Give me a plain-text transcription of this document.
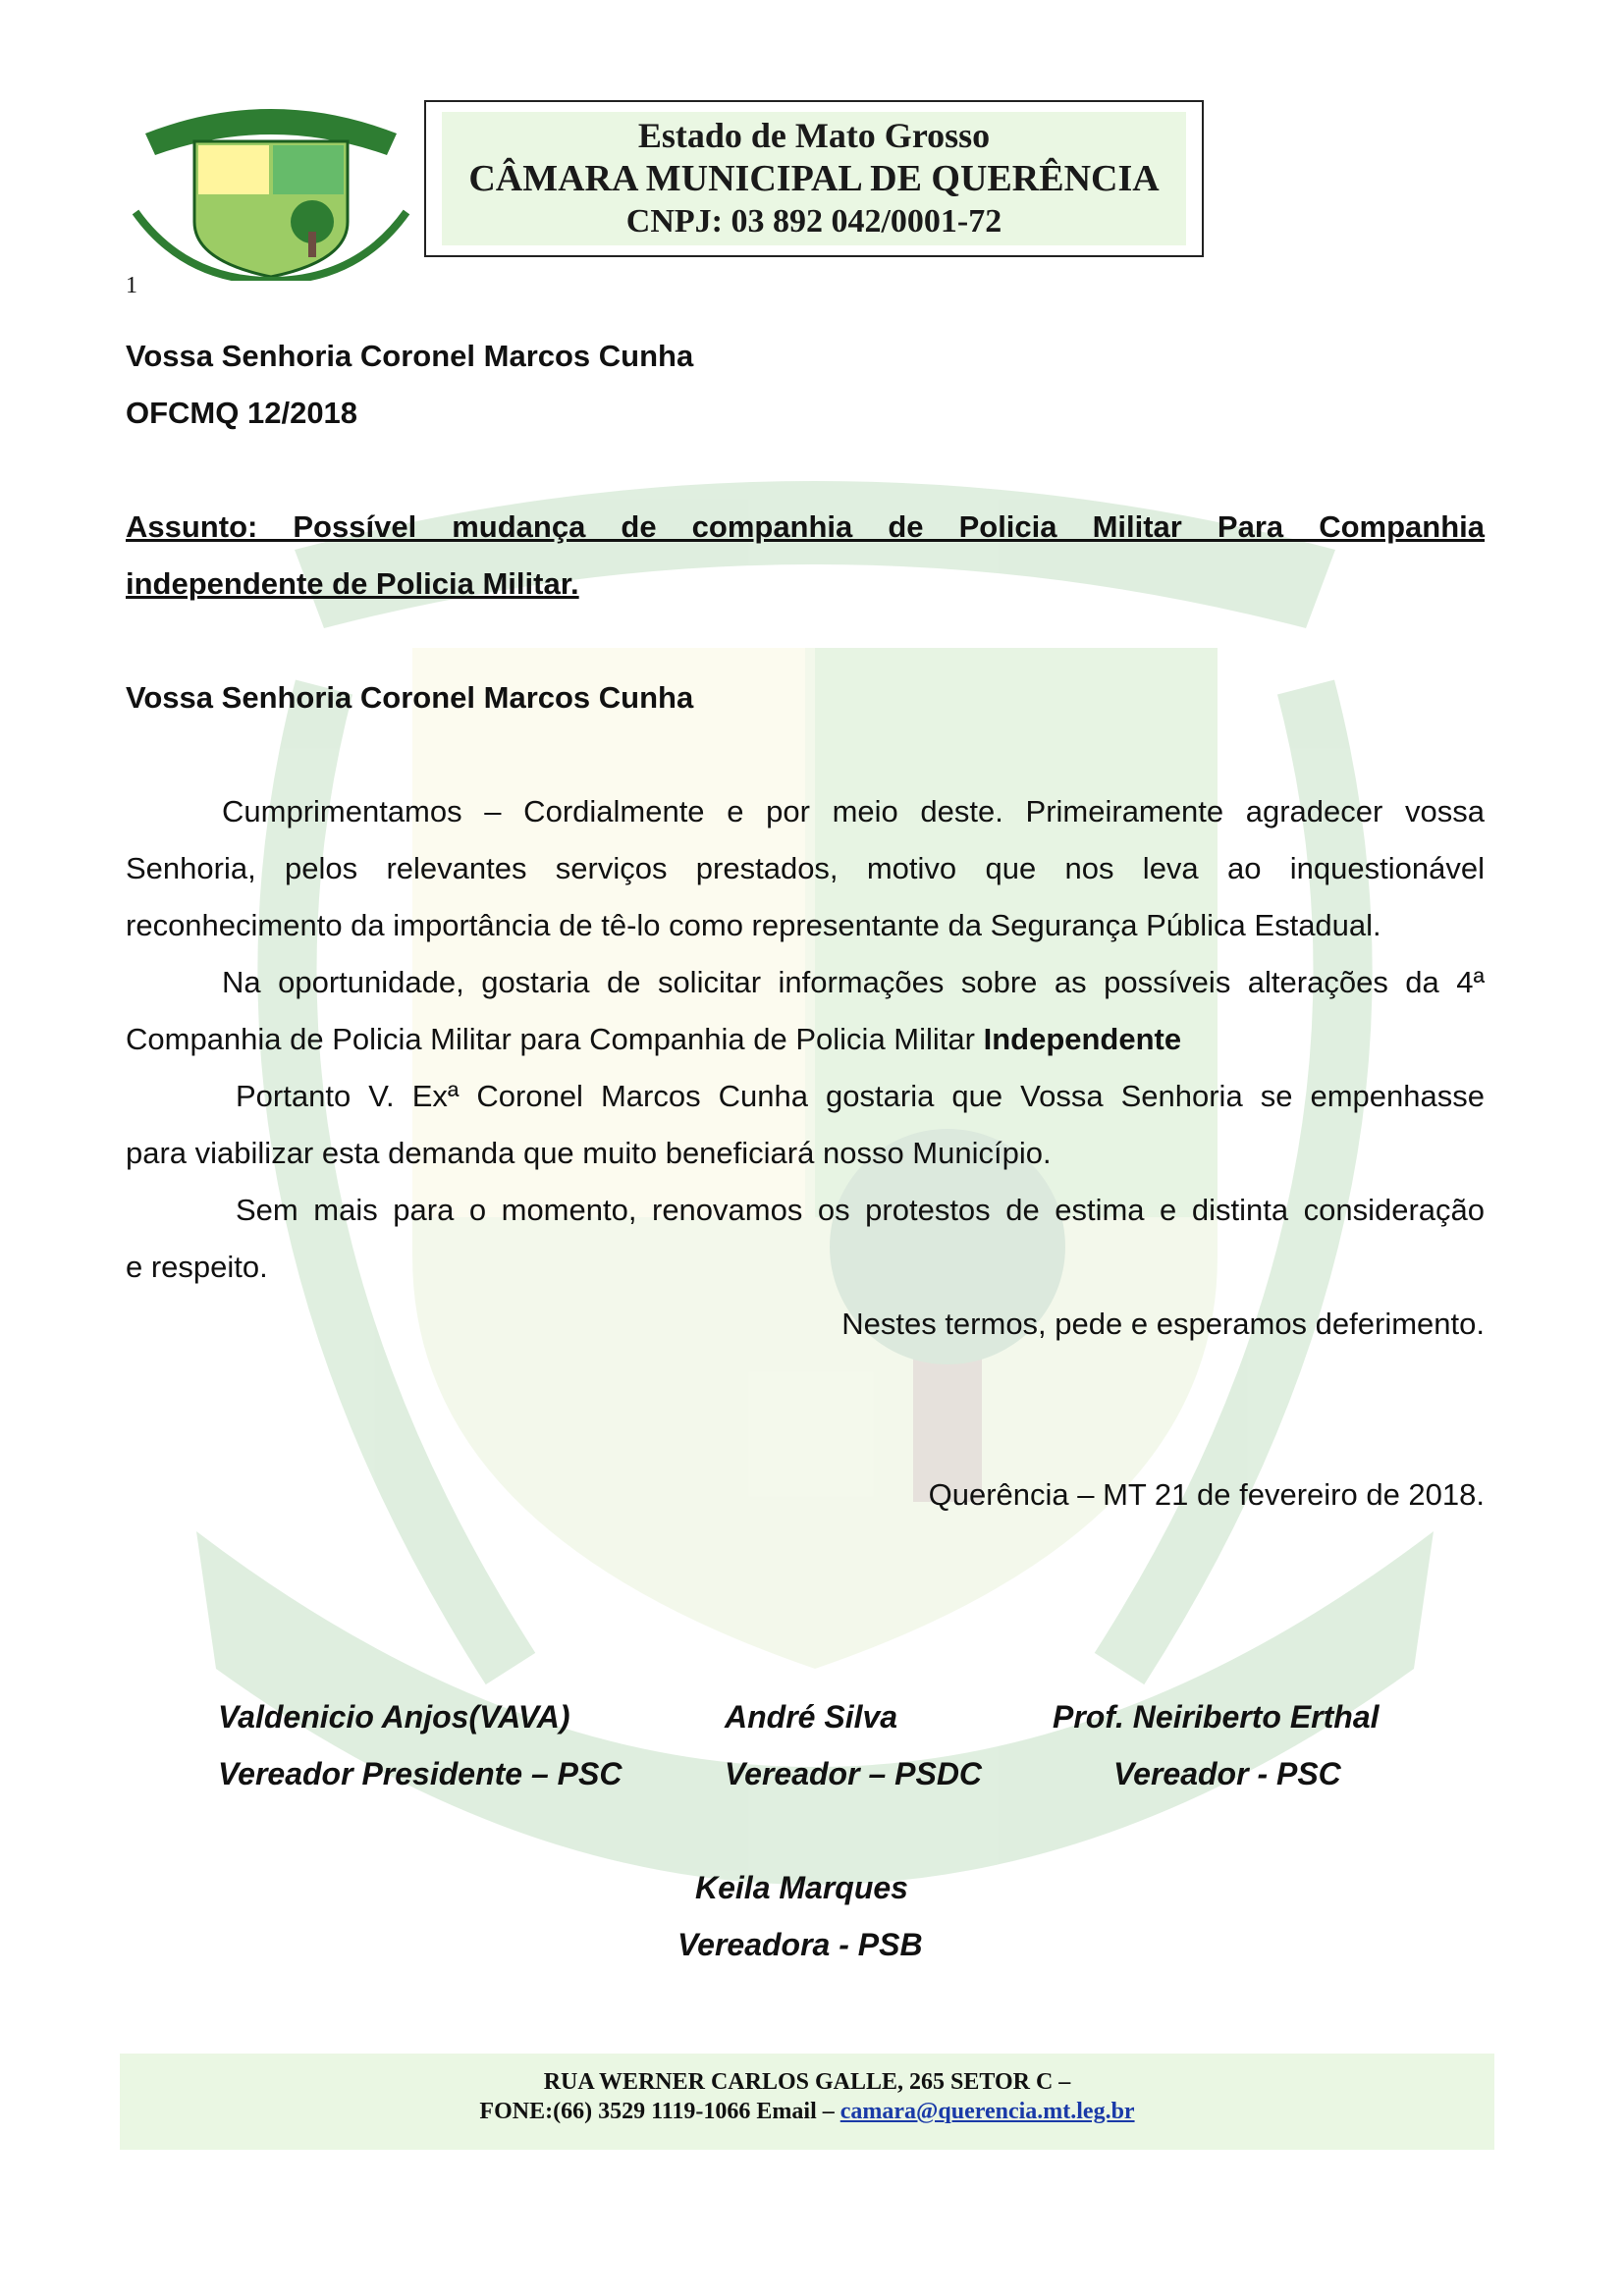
Estado de Mato Grosso
CÂMARA MUNICIPAL DE QUERÊNCIA
CNPJ: 03 892 042/0001-72
1
Vossa Senhoria Coronel Marcos Cunha
OFCMQ 12/2018
Assunto: Possível mudança de companhia de Policia Militar Para Companhia
independente de Policia Militar.
Vossa Senhoria Coronel Marcos Cunha
Cumprimentamos – Cordialmente e por meio deste. Primeiramente agradecer vossa
Senhoria, pelos relevantes serviços prestados, motivo que nos leva ao inquestionável
reconhecimento da importância de tê-lo como representante da Segurança Pública Estadual.
Na oportunidade, gostaria de solicitar informações sobre as possíveis alterações da 4ª
Companhia de Policia Militar para Companhia de Policia Militar Independente
Portanto V. Exª Coronel Marcos Cunha gostaria que Vossa Senhoria se empenhasse
para viabilizar esta demanda que muito beneficiará nosso Município.
Sem mais para o momento, renovamos os protestos de estima e distinta consideração
e respeito.
Nestes termos, pede e esperamos deferimento.
Querência – MT 21 de fevereiro de 2018.
Valdenicio Anjos(VAVA)
Vereador Presidente – PSC
André Silva
Vereador – PSDC
Prof. Neiriberto Erthal
Vereador - PSC
Keila Marques
Vereadora - PSB
RUA WERNER CARLOS GALLE, 265 SETOR C –
FONE:(66) 3529 1119-1066 Email – camara@querencia.mt.leg.br
